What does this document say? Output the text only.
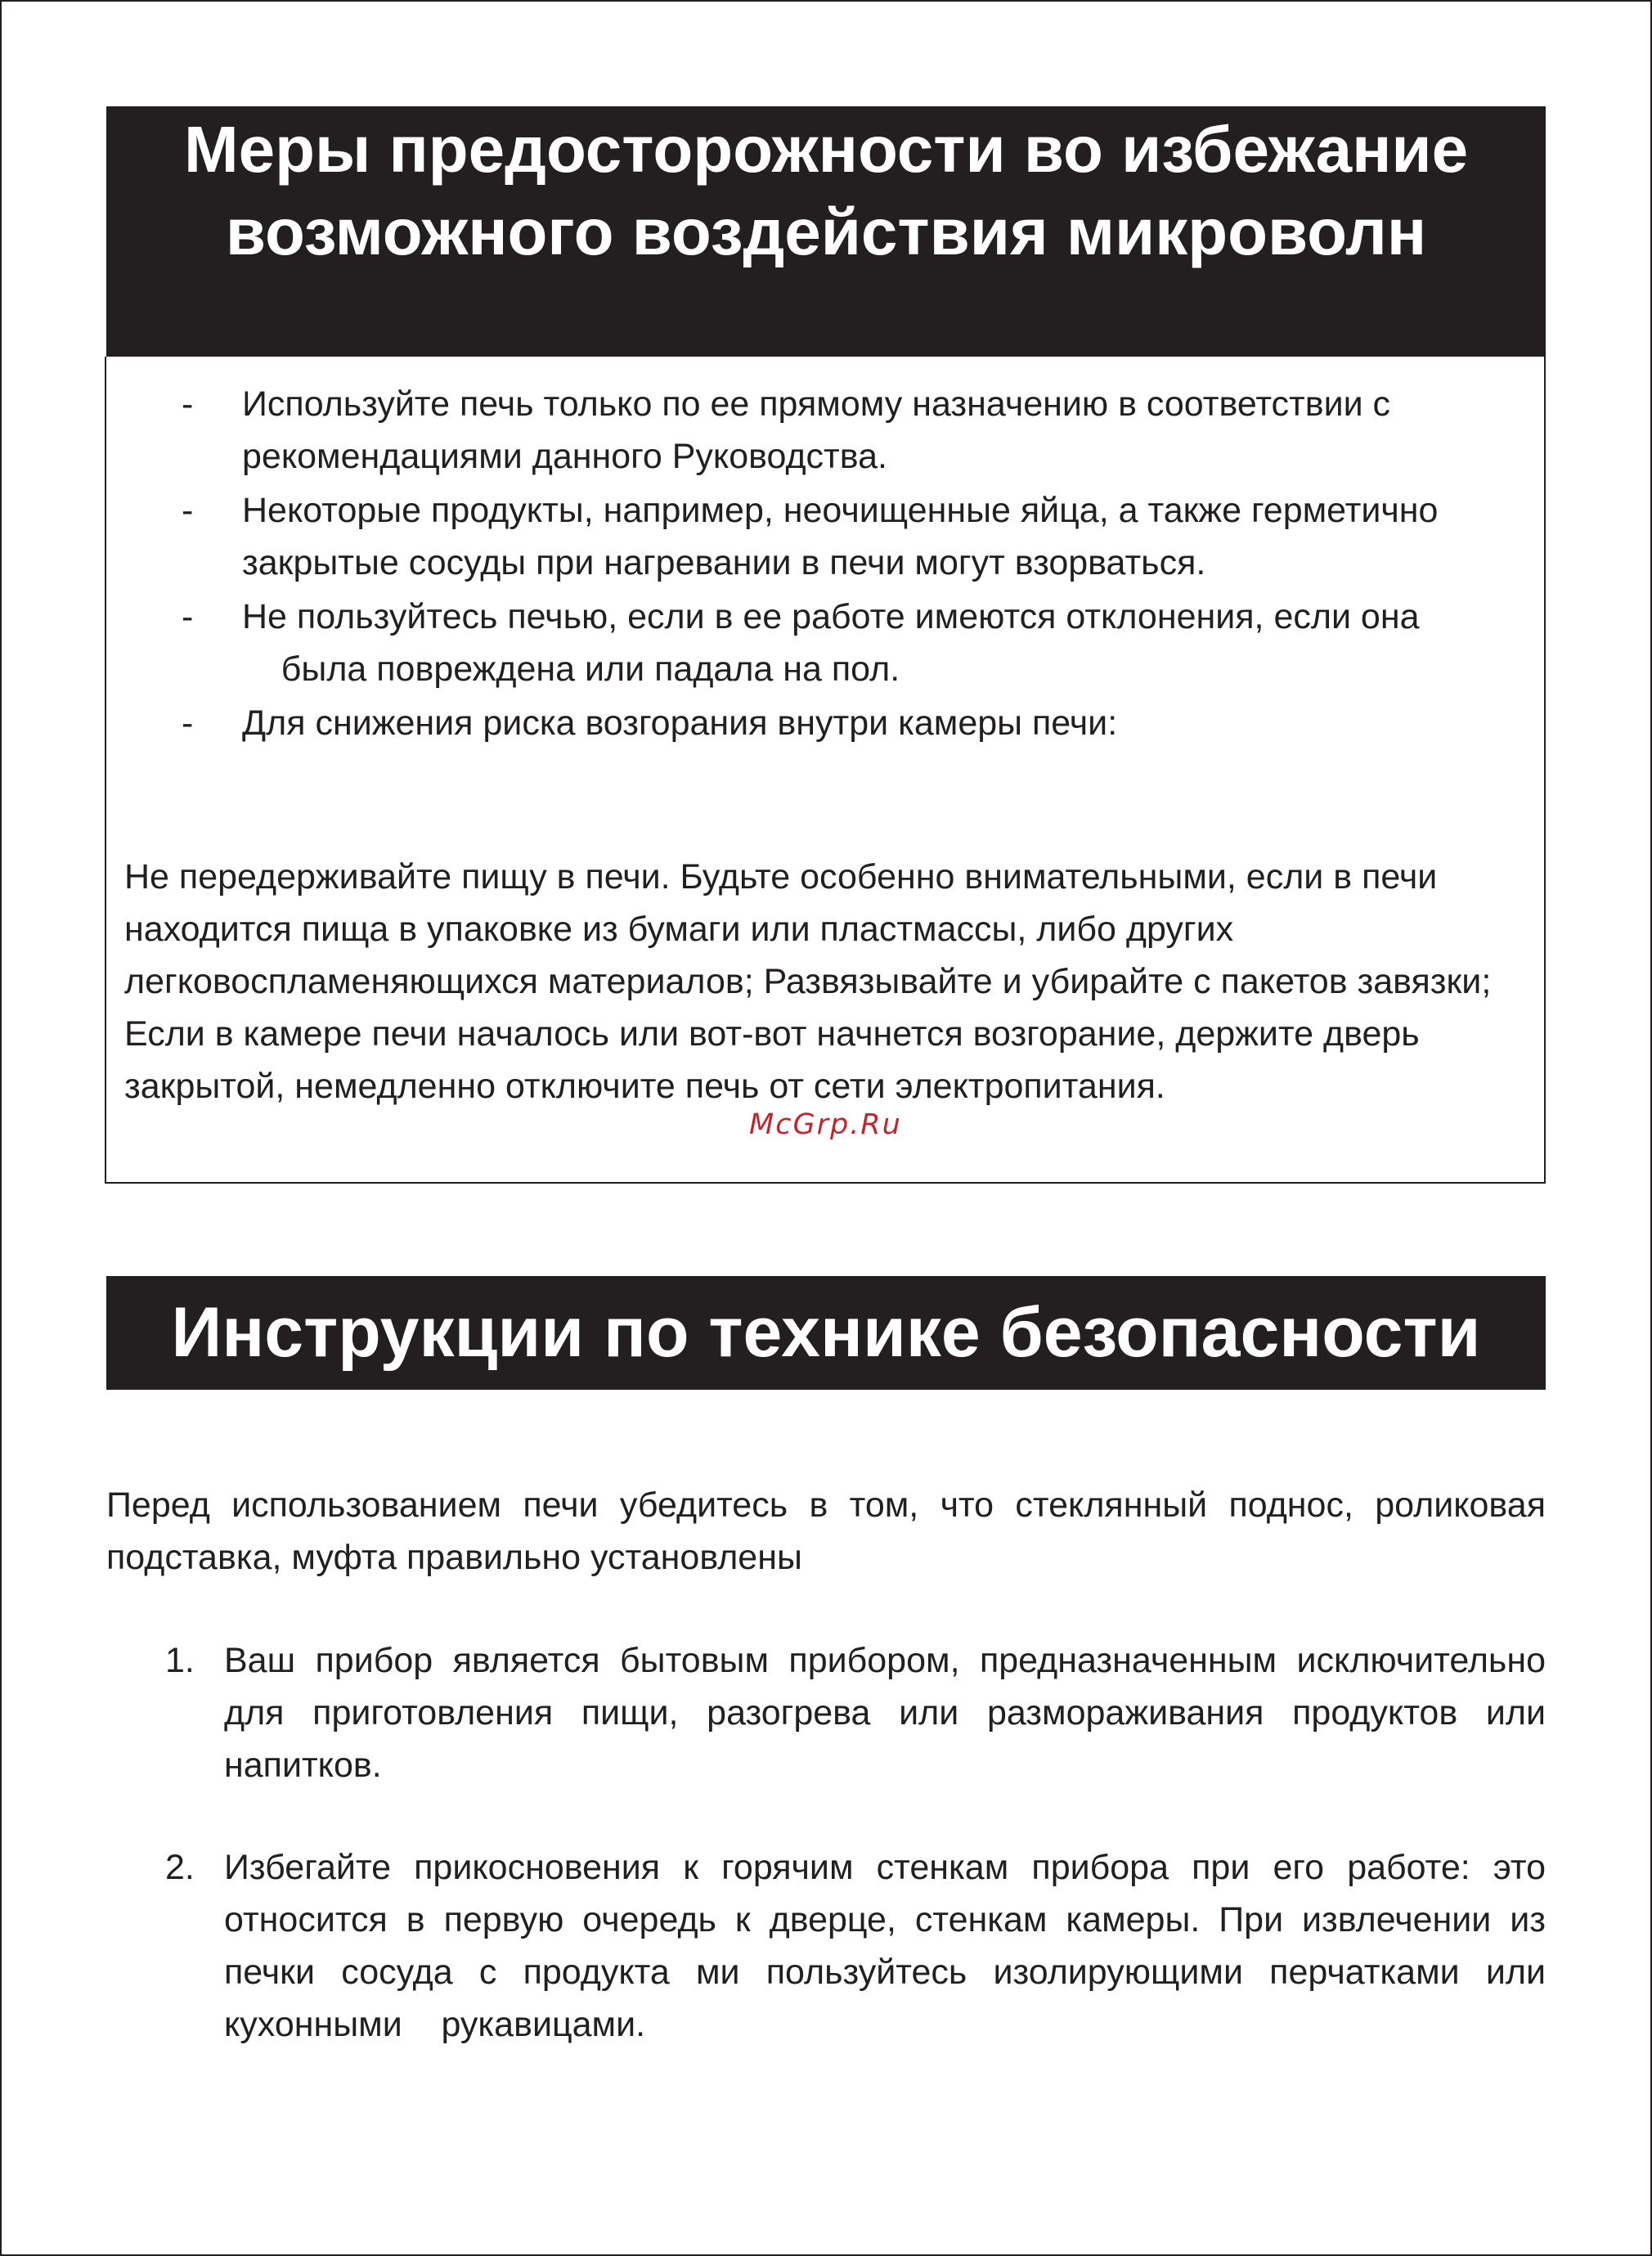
Меры предосторожности во избежание возможного воздействия микроволн
- Используйте печь только по ее прямому назначению в соответствии с рекомендациями данного Руководства.
- Некоторые продукты, например, неочищенные яйца, а также герметично закрытые сосуды при нагревании в печи могут взорваться.
- Не пользуйтесь печью, если в ее работе имеются отклонения, если она     была повреждена или падала на пол.
- Для снижения риска возгорания внутри камеры печи:

Не передерживайте пищу в печи. Будьте особенно внимательными, если в печи находится пища в упаковке из бумаги или пластмассы, либо других легковоспламеняющихся материалов; Развязывайте и убирайте с пакетов завязки; Если в камере печи началось или вот-вот начнется возгорание, держите дверь закрытой, немедленно отключите печь от сети электропитания.

McGrp.Ru
Инструкции по технике безопасности

Перед использованием печи убедитесь в том, что стеклянный поднос, роликовая подставка, муфта правильно установлены

1. Ваш прибор является бытовым прибором, предназначенным исключительно для приготовления пищи, разогрева или размораживания продуктов или напитков.

2. Избегайте прикосновения к горячим стенкам прибора при его работе: это относится в первую очередь к дверце, стенкам камеры. При извлечении из печки сосуда с продукта ми пользуйтесь изолирующими перчатками или кухонными    рукавицами.
